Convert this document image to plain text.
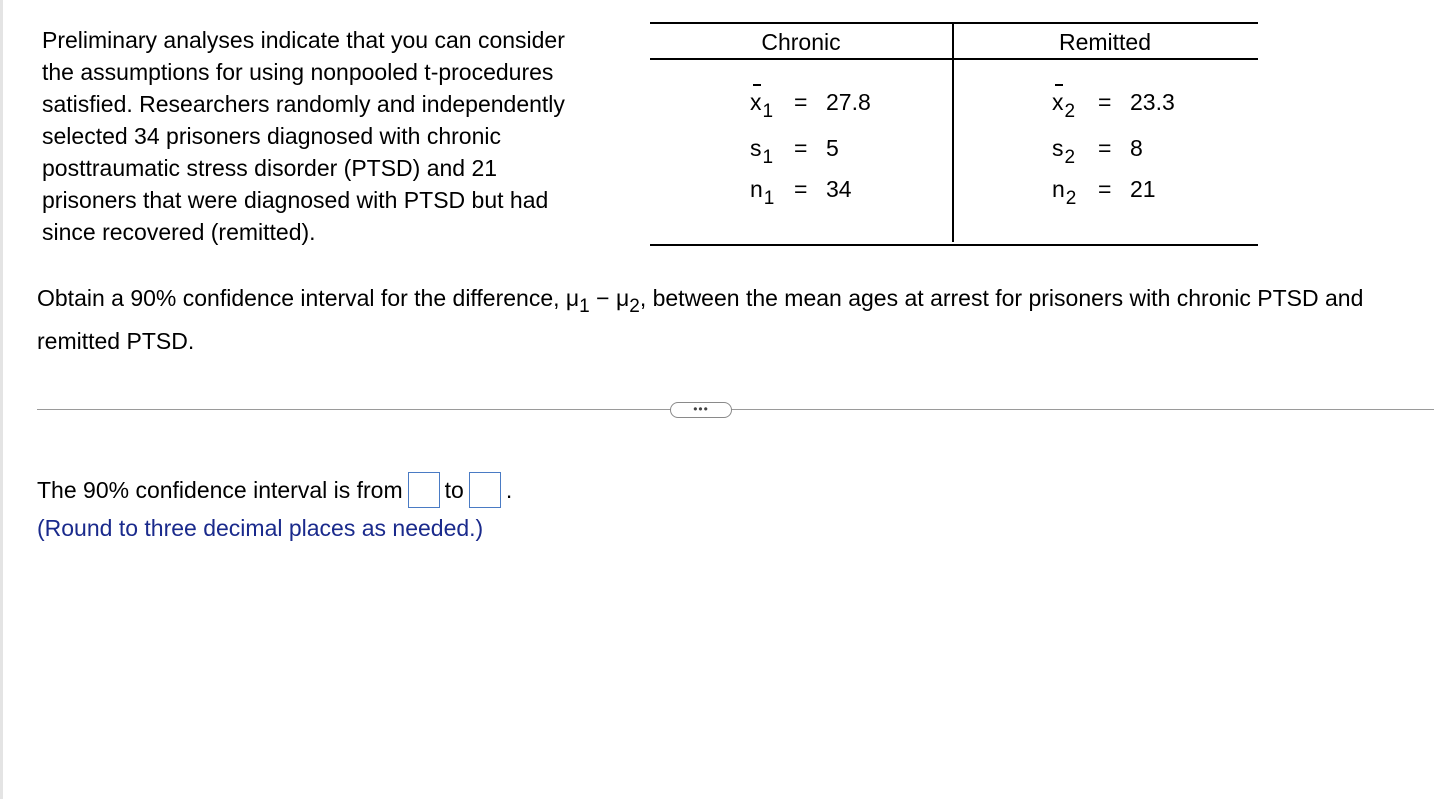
Preliminary analyses indicate that you can consider
the assumptions for using nonpooled t-procedures
satisfied. Researchers randomly and independently
selected 34 prisoners diagnosed with chronic
posttraumatic stress disorder (PTSD) and 21
prisoners that were diagnosed with PTSD but had
since recovered (remitted).

Chronic	Remitted
$x_1 = 27.8$
$s_1 = 5$
$n_1 = 34$
$x_2 = 23.3$
$s_2 = 8$
$n_2 = 21$
Obtain a 90% confidence interval for the difference, $\mu_1 - \mu_2$, between the mean ages at arrest for prisoners with chronic PTSD and remitted PTSD.
•••
The 90% confidence interval is from to .
(Round to three decimal places as needed.)
